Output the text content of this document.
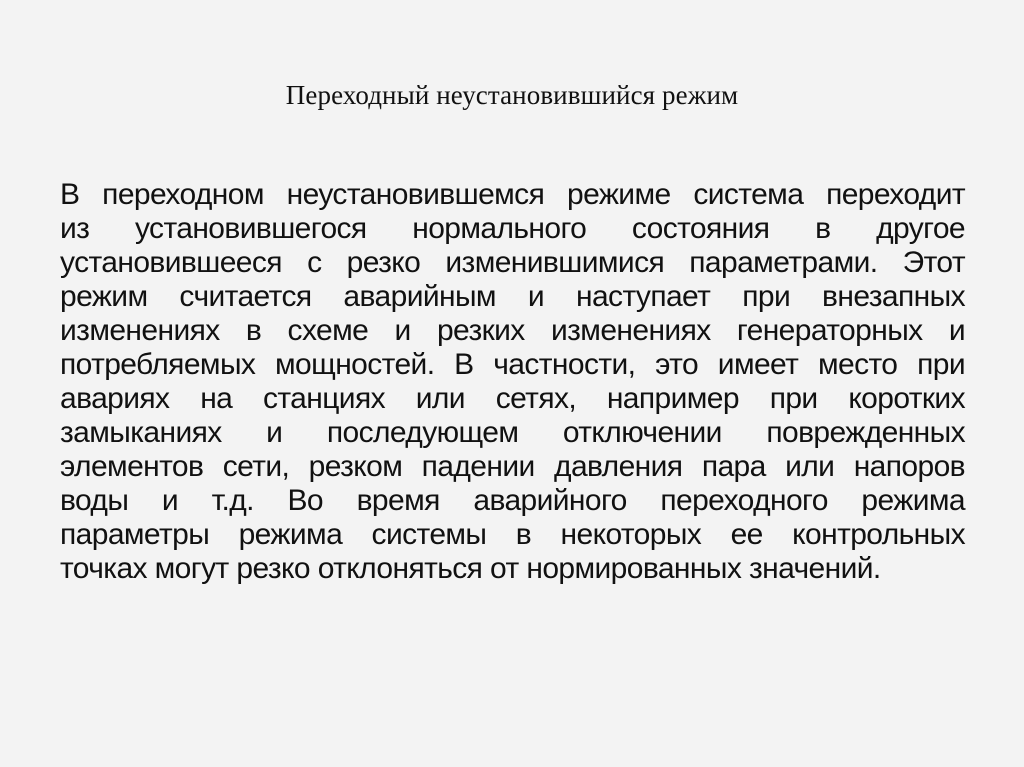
Переходный неустановившийся режим
В переходном неустановившемся режиме система переходит
из установившегося нормального состояния в другое
установившееся с резко изменившимися параметрами. Этот
режим считается аварийным и наступает при внезапных
изменениях в схеме и резких изменениях генераторных и
потребляемых мощностей. В частности, это имеет место при
авариях на станциях или сетях, например при коротких
замыканиях и последующем отключении поврежденных
элементов сети, резком падении давления пара или напоров
воды и т.д. Во время аварийного переходного режима
параметры режима системы в некоторых ее контрольных
точках могут резко отклоняться от нормированных значений.
